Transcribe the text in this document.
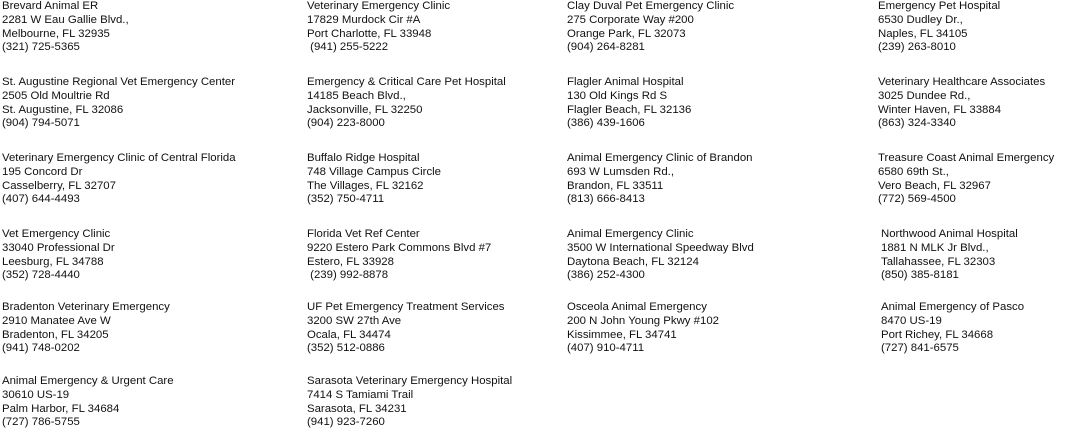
Brevard Animal ER
2281 W Eau Gallie Blvd.,
Melbourne, FL 32935
(321) 725-5365
St. Augustine Regional Vet Emergency Center
2505 Old Moultrie Rd
St. Augustine, FL 32086
(904) 794-5071
Veterinary Emergency Clinic of Central Florida
195 Concord Dr
Casselberry, FL 32707
(407) 644-4493
Vet Emergency Clinic
33040 Professional Dr
Leesburg, FL 34788
(352) 728-4440
Bradenton Veterinary Emergency
2910 Manatee Ave W
Bradenton, FL 34205
(941) 748-0202
Animal Emergency & Urgent Care
30610 US-19
Palm Harbor, FL 34684
(727) 786-5755
Veterinary Emergency Clinic
17829 Murdock Cir #A
Port Charlotte, FL 33948
(941) 255-5222
Emergency & Critical Care Pet Hospital
14185 Beach Blvd.,
Jacksonville, FL 32250
(904) 223-8000
Buffalo Ridge Hospital
748 Village Campus Circle
The Villages, FL 32162
(352) 750-4711
Florida Vet Ref Center
9220 Estero Park Commons Blvd #7
Estero, FL 33928
(239) 992-8878
UF Pet Emergency Treatment Services
3200 SW 27th Ave
Ocala, FL 34474
(352) 512-0886
Sarasota Veterinary Emergency Hospital
7414 S Tamiami Trail
Sarasota, FL 34231
(941) 923-7260
Clay Duval Pet Emergency Clinic
275 Corporate Way #200
Orange Park, FL 32073
(904) 264-8281
Flagler Animal Hospital
130 Old Kings Rd S
Flagler Beach, FL 32136
(386) 439-1606
Animal Emergency Clinic of Brandon
693 W Lumsden Rd.,
Brandon, FL 33511
(813) 666-8413
Animal Emergency Clinic
3500 W International Speedway Blvd
Daytona Beach, FL 32124
(386) 252-4300
Osceola Animal Emergency
200 N John Young Pkwy #102
Kissimmee, FL 34741
(407) 910-4711
Emergency Pet Hospital
6530 Dudley Dr.,
Naples, FL 34105
(239) 263-8010
Veterinary Healthcare Associates
3025 Dundee Rd.,
Winter Haven, FL 33884
(863) 324-3340
Treasure Coast Animal Emergency
6580 69th St.,
Vero Beach, FL 32967
(772) 569-4500
Northwood Animal Hospital
1881 N MLK Jr Blvd.,
Tallahassee, FL 32303
(850) 385-8181
Animal Emergency of Pasco
8470 US-19
Port Richey, FL 34668
(727) 841-6575
